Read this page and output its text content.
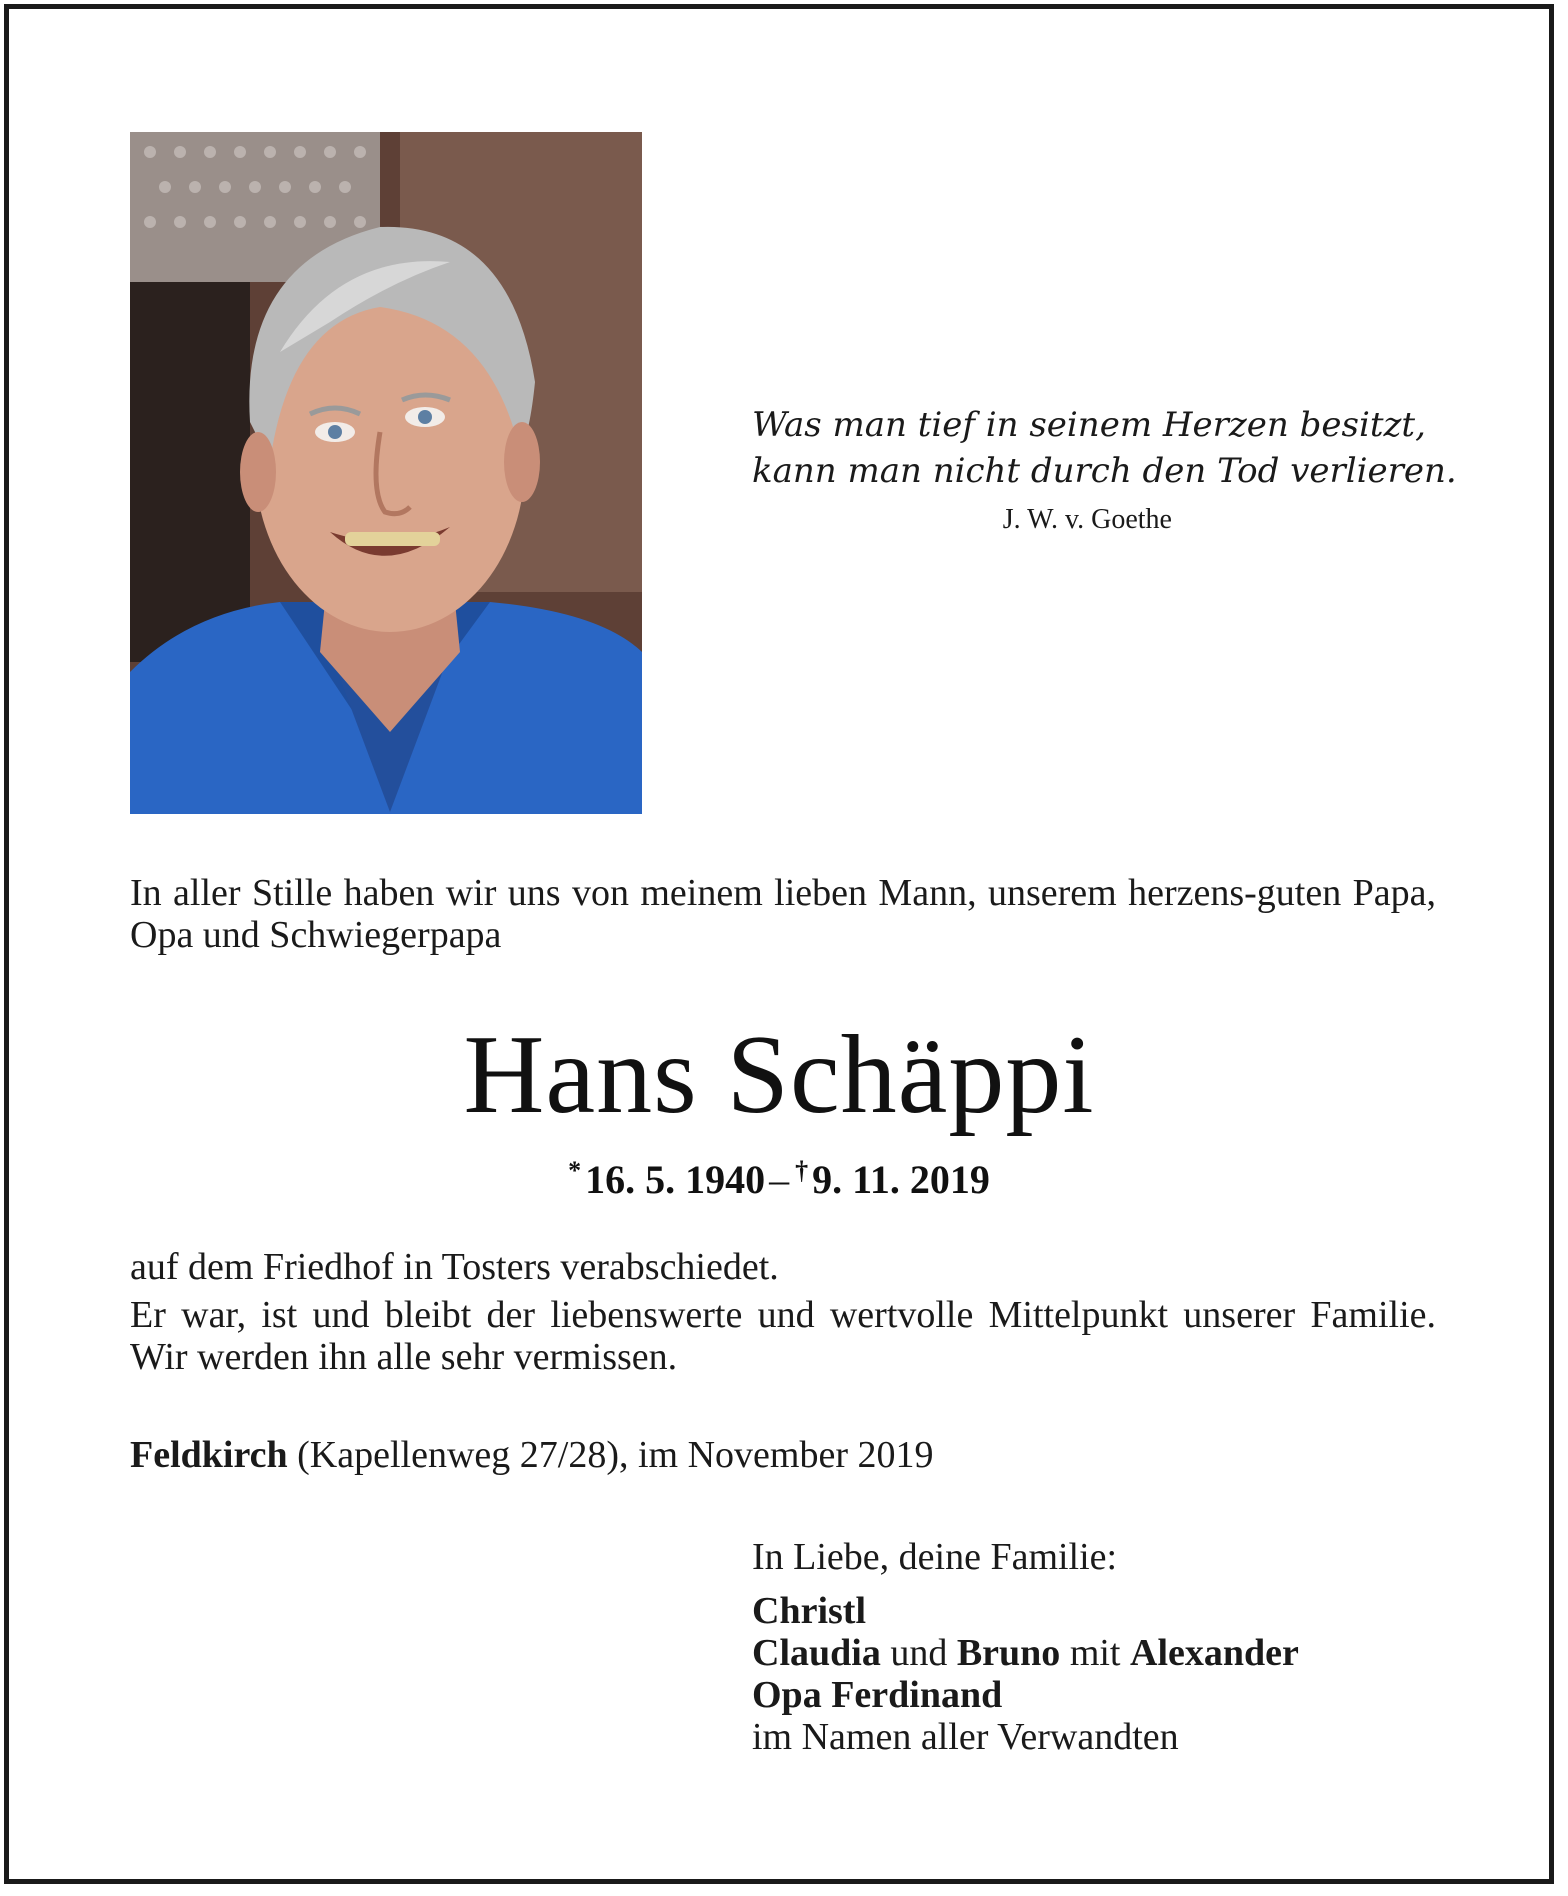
Was man tief in seinem Herzen besitzt,
kann man nicht durch den Tod verlieren.
J. W. v. Goethe
In aller Stille haben wir uns von meinem lieben Mann, unserem herzens-guten Papa, Opa und Schwiegerpapa
Hans Schäppi
* 16. 5. 1940 – † 9. 11. 2019
auf dem Friedhof in Tosters verabschiedet.
Er war, ist und bleibt der liebenswerte und wertvolle Mittelpunkt unserer Familie. Wir werden ihn alle sehr vermissen.
Feldkirch (Kapellenweg 27/28), im November 2019
In Liebe, deine Familie:
Christl
Claudia und Bruno mit Alexander
Opa Ferdinand
im Namen aller Verwandten
